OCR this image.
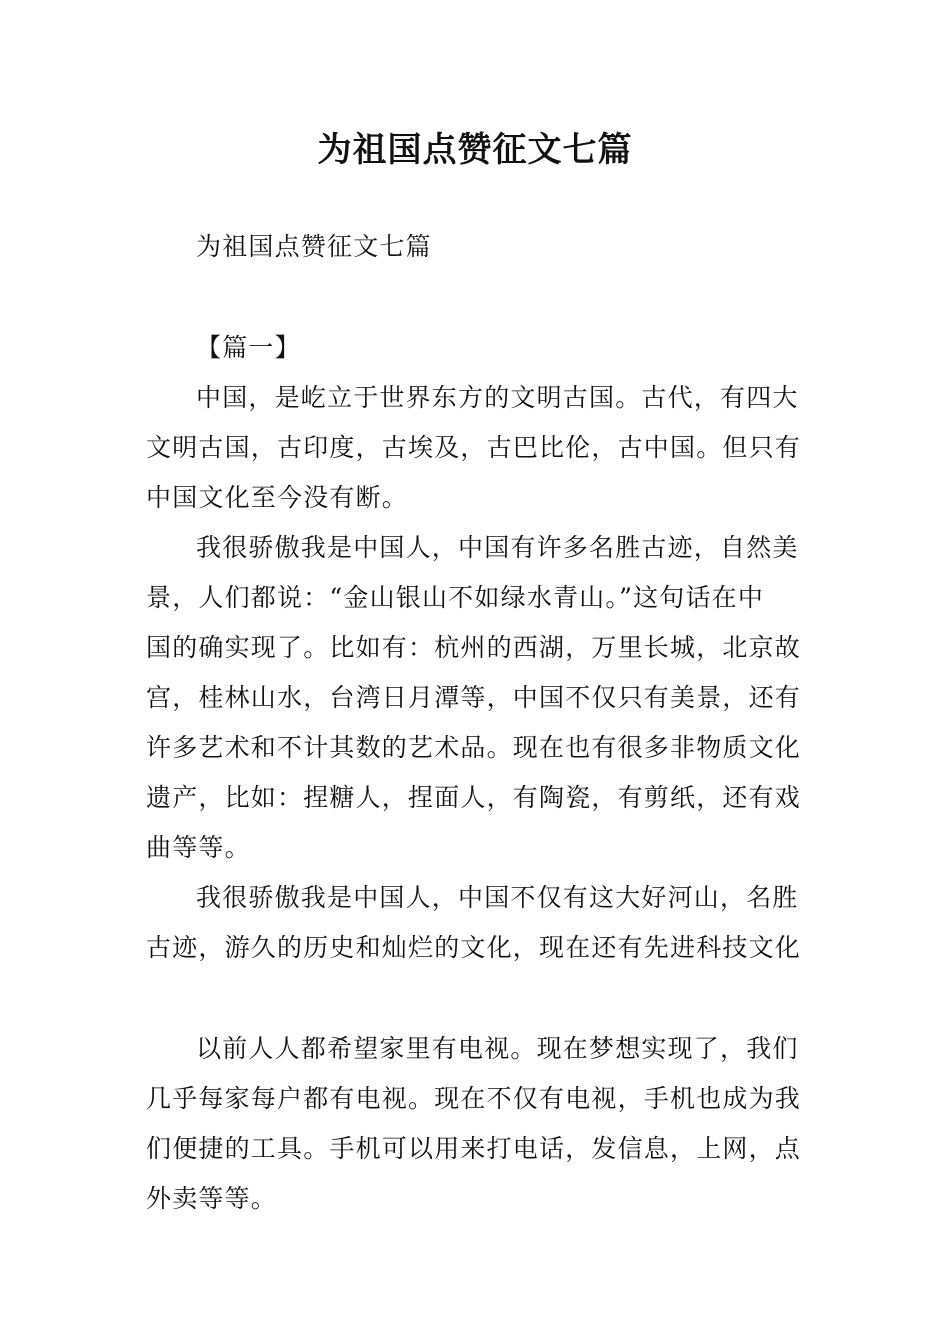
为祖国点赞征文七篇
为祖国点赞征文七篇
【篇一】
中国，是屹立于世界东方的文明古国。古代，有四大
文明古国，古印度，古埃及，古巴比伦，古中国。但只有
中国文化至今没有断。
我很骄傲我是中国人，中国有许多名胜古迹，自然美
景，人们都说：“金山银山不如绿水青山。”这句话在中
国的确实现了。比如有：杭州的西湖，万里长城，北京故
宫，桂林山水，台湾日月潭等，中国不仅只有美景，还有
许多艺术和不计其数的艺术品。现在也有很多非物质文化
遗产，比如：捏糖人，捏面人，有陶瓷，有剪纸，还有戏
曲等等。
我很骄傲我是中国人，中国不仅有这大好河山，名胜
古迹，游久的历史和灿烂的文化，现在还有先进科技文化
以前人人都希望家里有电视。现在梦想实现了，我们
几乎每家每户都有电视。现在不仅有电视，手机也成为我
们便捷的工具。手机可以用来打电话，发信息，上网，点
外卖等等。
